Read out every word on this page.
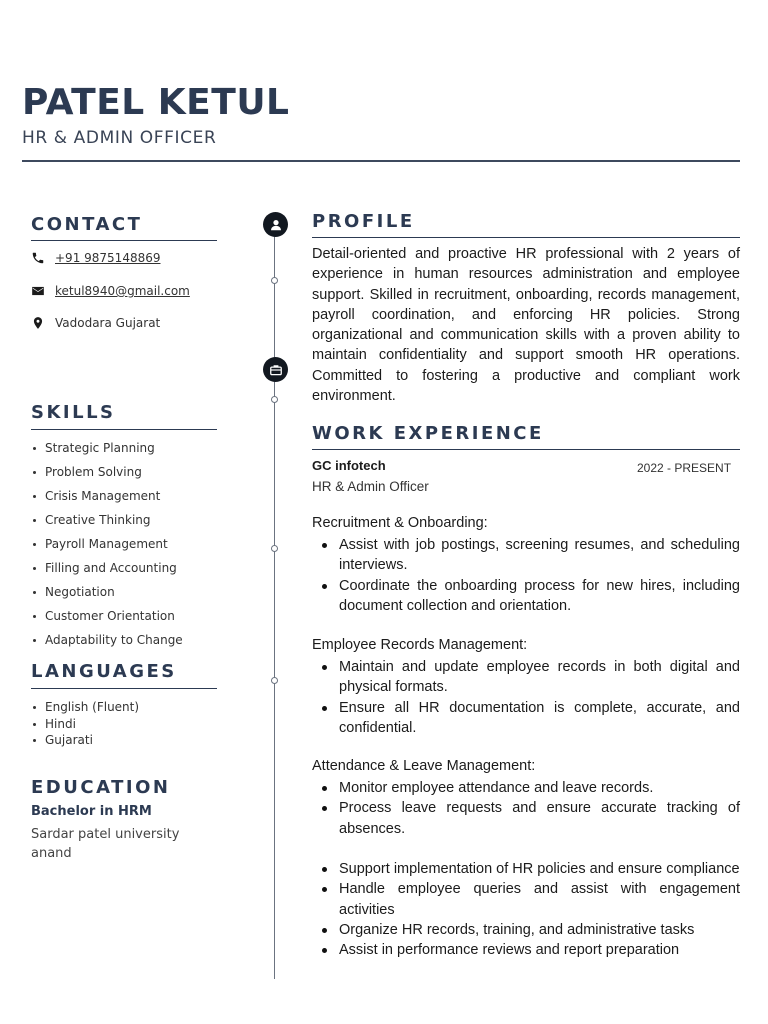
PATEL KETUL
HR & ADMIN OFFICER
CONTACT
+91 9875148869
ketul8940@gmail.com
Vadodara Gujarat
SKILLS
Strategic Planning
Problem Solving
Crisis Management
Creative Thinking
Payroll Management
Filling and Accounting
Negotiation
Customer Orientation
Adaptability to Change
LANGUAGES
English (Fluent)
Hindi
Gujarati
EDUCATION
Bachelor in HRM
Sardar patel university anand
PROFILE
Detail-oriented and proactive HR professional with 2 years of experience in human resources administration and employee support. Skilled in recruitment, onboarding, records management, payroll coordination, and enforcing HR policies. Strong organizational and communication skills with a proven ability to maintain confidentiality and support smooth HR operations. Committed to fostering a productive and compliant work environment.
WORK EXPERIENCE
GC infotech	2022 - PRESENT
HR & Admin Officer
Recruitment & Onboarding:
Assist with job postings, screening resumes, and scheduling interviews.
Coordinate the onboarding process for new hires, including document collection and orientation.
Employee Records Management:
Maintain and update employee records in both digital and physical formats.
Ensure all HR documentation is complete, accurate, and confidential.
Attendance & Leave Management:
Monitor employee attendance and leave records.
Process leave requests and ensure accurate tracking of absences.
Support implementation of HR policies and ensure compliance
Handle employee queries and assist with engagement activities
Organize HR records, training, and administrative tasks
Assist in performance reviews and report preparation
